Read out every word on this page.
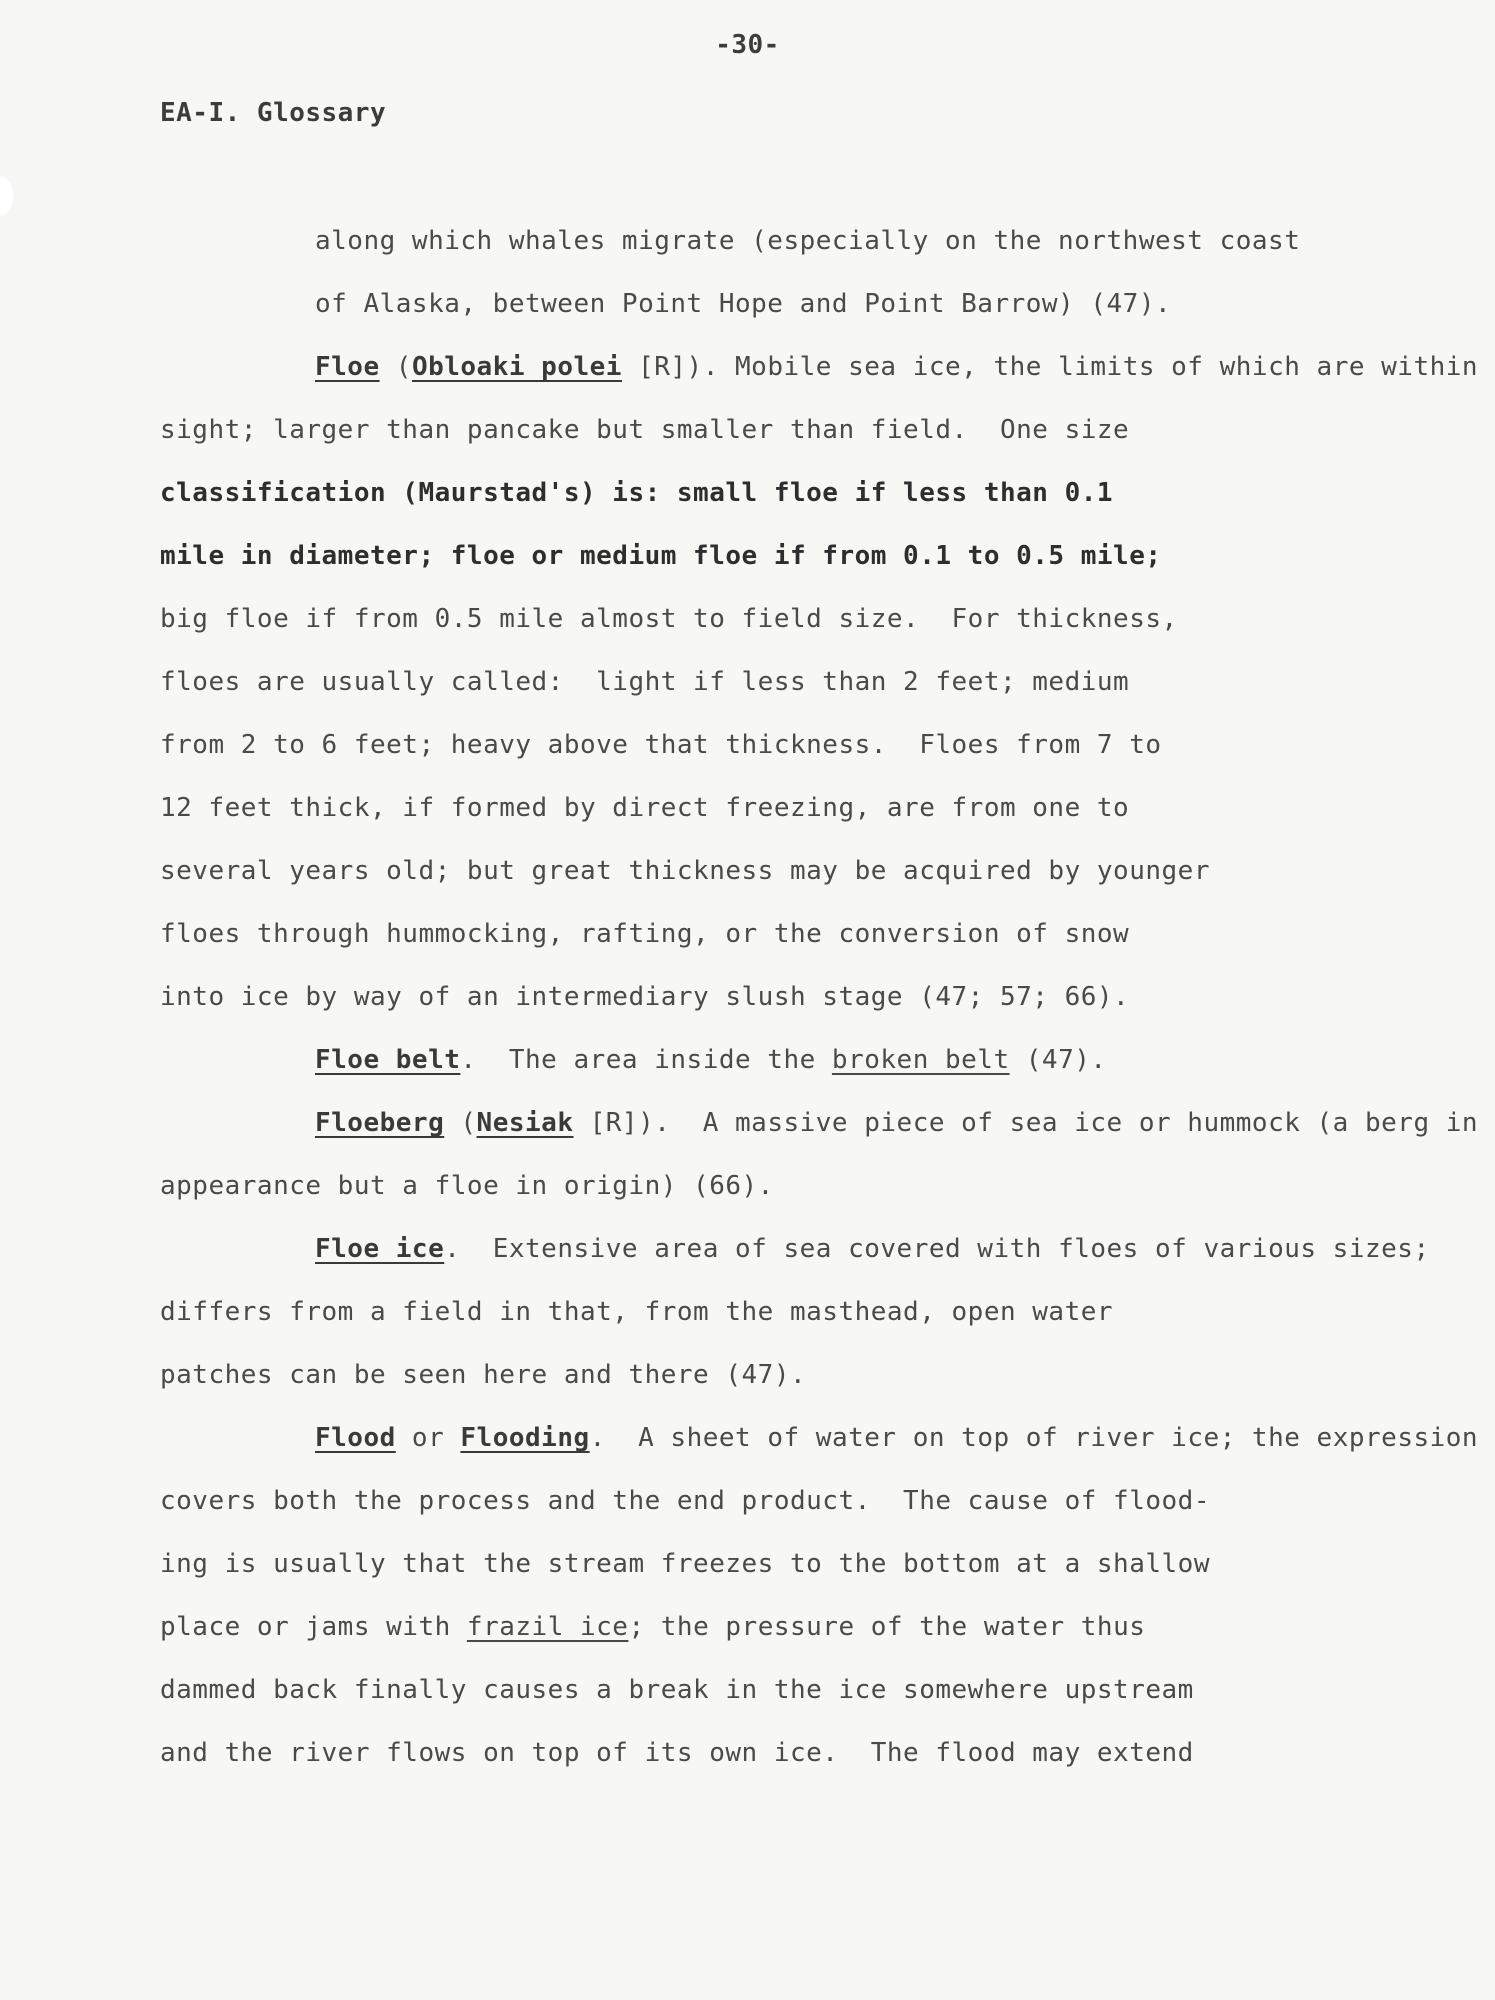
-30-
EA-I. Glossary
along which whales migrate (especially on the northwest coast
of Alaska, between Point Hope and Point Barrow) (47).
Floe (Obloaki polei [R]). Mobile sea ice, the limits of which are within
sight; larger than pancake but smaller than field.  One size
classification (Maurstad's) is: small floe if less than 0.1
mile in diameter; floe or medium floe if from 0.1 to 0.5 mile;
big floe if from 0.5 mile almost to field size.  For thickness,
floes are usually called:  light if less than 2 feet; medium
from 2 to 6 feet; heavy above that thickness.  Floes from 7 to
12 feet thick, if formed by direct freezing, are from one to
several years old; but great thickness may be acquired by younger
floes through hummocking, rafting, or the conversion of snow
into ice by way of an intermediary slush stage (47; 57; 66).
Floe belt.  The area inside the broken belt (47).
Floeberg (Nesiak [R]).  A massive piece of sea ice or hummock (a berg in
appearance but a floe in origin) (66).
Floe ice.  Extensive area of sea covered with floes of various sizes;
differs from a field in that, from the masthead, open water
patches can be seen here and there (47).
Flood or Flooding.  A sheet of water on top of river ice; the expression
covers both the process and the end product.  The cause of flood-
ing is usually that the stream freezes to the bottom at a shallow
place or jams with frazil ice; the pressure of the water thus
dammed back finally causes a break in the ice somewhere upstream
and the river flows on top of its own ice.  The flood may extend
